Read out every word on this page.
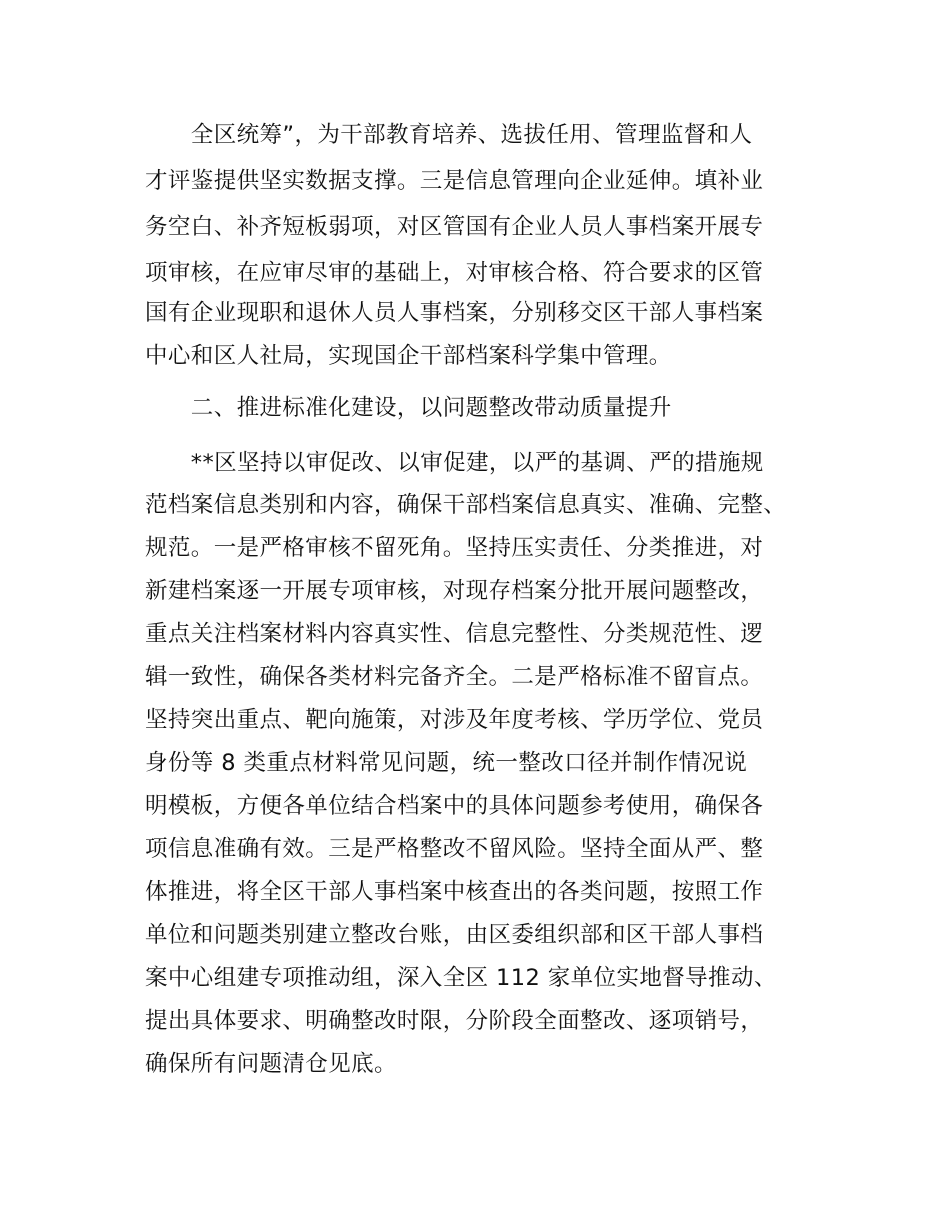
　　全区统筹”，为干部教育培养、选拔任用、管理监督和人
才评鉴提供坚实数据支撑。三是信息管理向企业延伸。填补业
务空白、补齐短板弱项，对区管国有企业人员人事档案开展专
项审核，在应审尽审的基础上，对审核合格、符合要求的区管
国有企业现职和退休人员人事档案，分别移交区干部人事档案
中心和区人社局，实现国企干部档案科学集中管理。
　　二、推进标准化建设，以问题整改带动质量提升
　　**区坚持以审促改、以审促建，以严的基调、严的措施规
范档案信息类别和内容，确保干部档案信息真实、准确、完整、
规范。一是严格审核不留死角。坚持压实责任、分类推进，对
新建档案逐一开展专项审核，对现存档案分批开展问题整改，
重点关注档案材料内容真实性、信息完整性、分类规范性、逻
辑一致性，确保各类材料完备齐全。二是严格标准不留盲点。
坚持突出重点、靶向施策，对涉及年度考核、学历学位、党员
身份等 8 类重点材料常见问题，统一整改口径并制作情况说
明模板，方便各单位结合档案中的具体问题参考使用，确保各
项信息准确有效。三是严格整改不留风险。坚持全面从严、整
体推进，将全区干部人事档案中核查出的各类问题，按照工作
单位和问题类别建立整改台账，由区委组织部和区干部人事档
案中心组建专项推动组，深入全区 112 家单位实地督导推动、
提出具体要求、明确整改时限，分阶段全面整改、逐项销号，
确保所有问题清仓见底。
